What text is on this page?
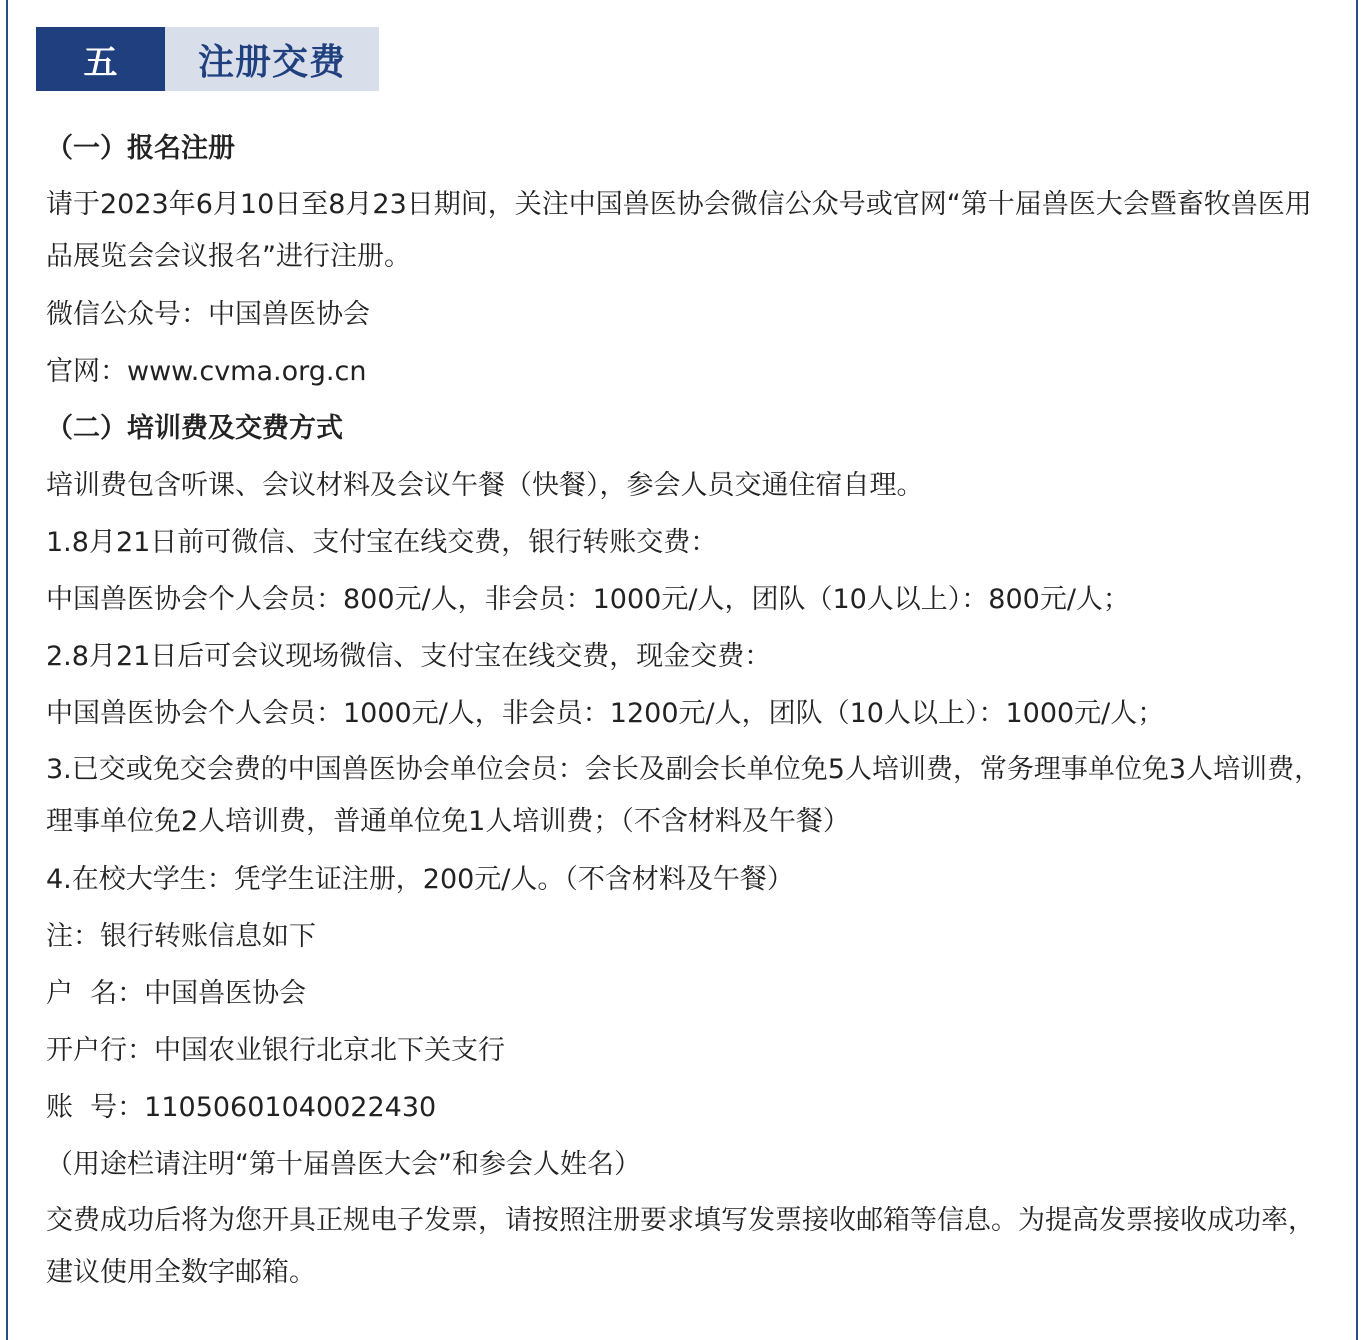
五	注册交费
（一）报名注册
请于2023年6月10日至8月23日期间，关注中国兽医协会微信公众号或官网“第十届兽医大会暨畜牧兽医用品展览会会议报名”进行注册。
微信公众号：中国兽医协会
官网：www.cvma.org.cn
（二）培训费及交费方式
培训费包含听课、会议材料及会议午餐（快餐），参会人员交通住宿自理。
1.8月21日前可微信、支付宝在线交费，银行转账交费：
中国兽医协会个人会员：800元/人，非会员：1000元/人，团队（10人以上）：800元/人；
2.8月21日后可会议现场微信、支付宝在线交费，现金交费：
中国兽医协会个人会员：1000元/人，非会员：1200元/人，团队（10人以上）：1000元/人；
3.已交或免交会费的中国兽医协会单位会员：会长及副会长单位免5人培训费，常务理事单位免3人培训费，理事单位免2人培训费，普通单位免1人培训费；（不含材料及午餐）
4.在校大学生：凭学生证注册，200元/人。（不含材料及午餐）
注：银行转账信息如下
户  名：中国兽医协会
开户行：中国农业银行北京北下关支行
账  号：11050601040022430
（用途栏请注明“第十届兽医大会”和参会人姓名）
交费成功后将为您开具正规电子发票，请按照注册要求填写发票接收邮箱等信息。为提高发票接收成功率，建议使用全数字邮箱。
